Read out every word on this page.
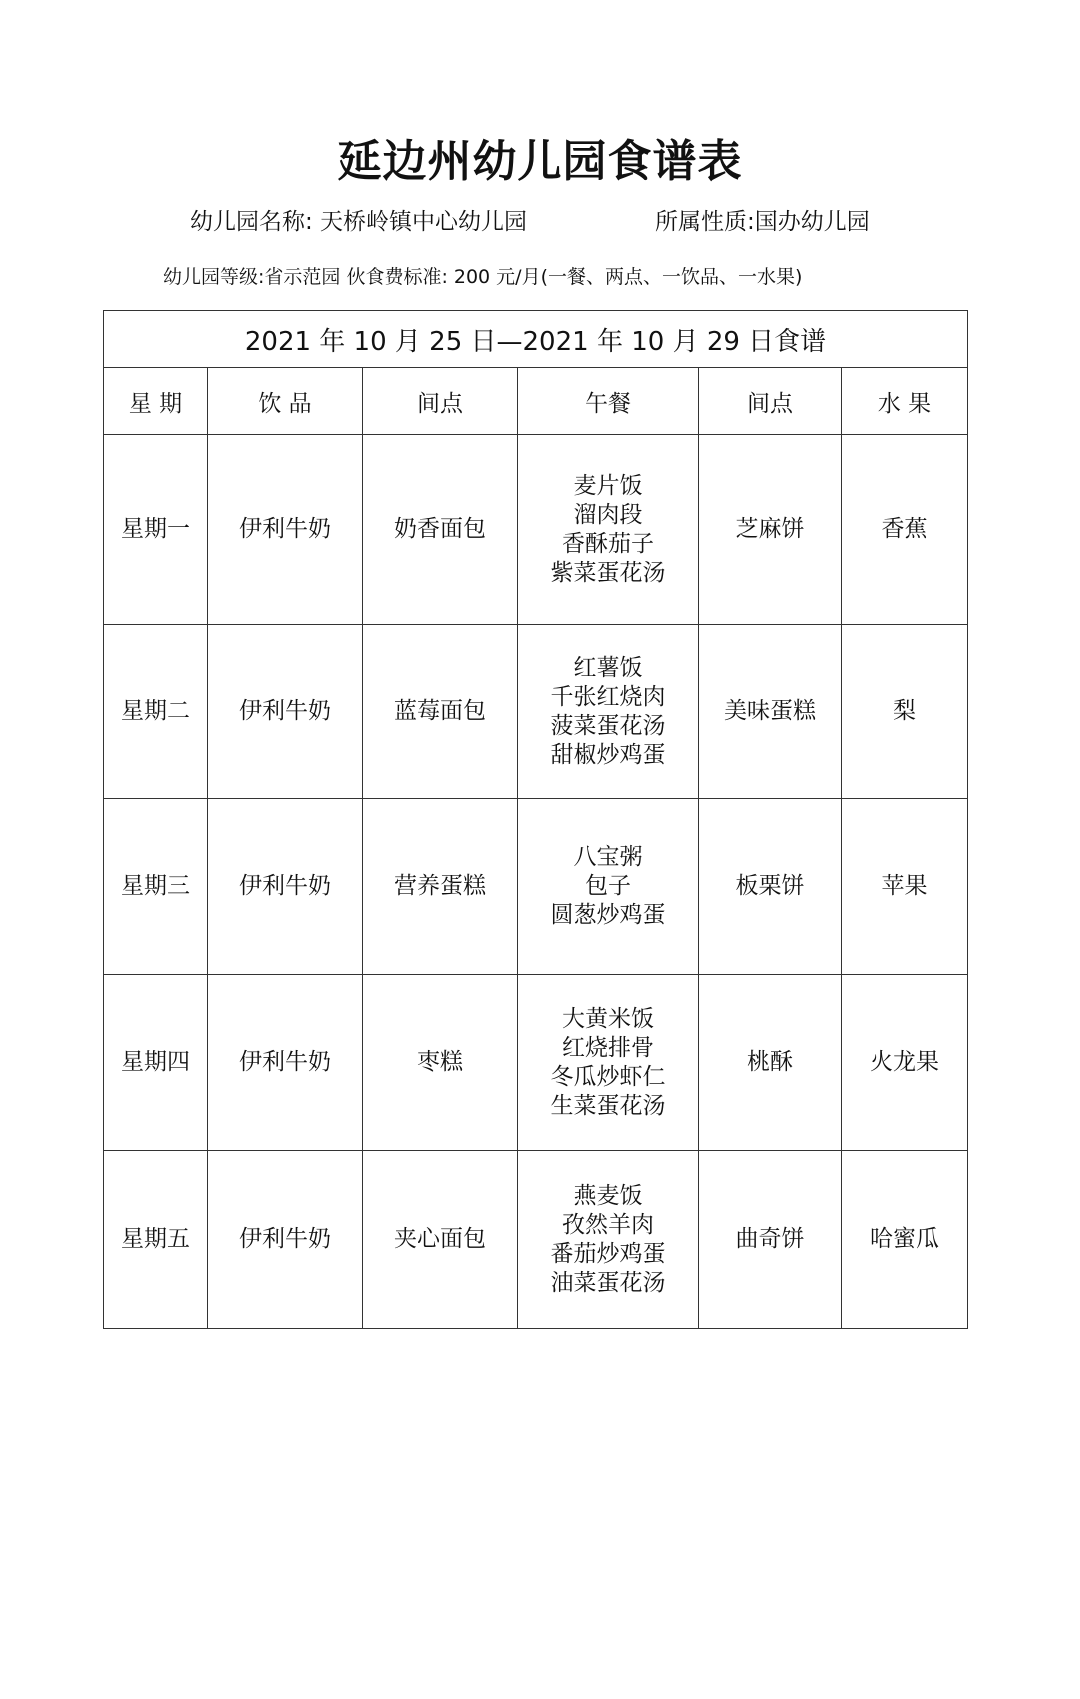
延边州幼儿园食谱表
幼儿园名称: 天桥岭镇中心幼儿园	所属性质:国办幼儿园
幼儿园等级:省示范园 伙食费标准: 200 元/月(一餐、两点、一饮品、一水果)
2021 年 10 月 25 日—2021 年 10 月 29 日食谱					
星 期	饮 品	间点	午餐	间点	水 果
星期一	伊利牛奶	奶香面包	麦片饭
溜肉段
香酥茄子
紫菜蛋花汤	芝麻饼	香蕉
星期二	伊利牛奶	蓝莓面包	红薯饭
千张红烧肉
菠菜蛋花汤
甜椒炒鸡蛋	美味蛋糕	梨
星期三	伊利牛奶	营养蛋糕	八宝粥
包子
圆葱炒鸡蛋	板栗饼	苹果
星期四	伊利牛奶	枣糕	大黄米饭
红烧排骨
冬瓜炒虾仁
生菜蛋花汤	桃酥	火龙果
星期五	伊利牛奶	夹心面包	燕麦饭
孜然羊肉
番茄炒鸡蛋
油菜蛋花汤	曲奇饼	哈蜜瓜
